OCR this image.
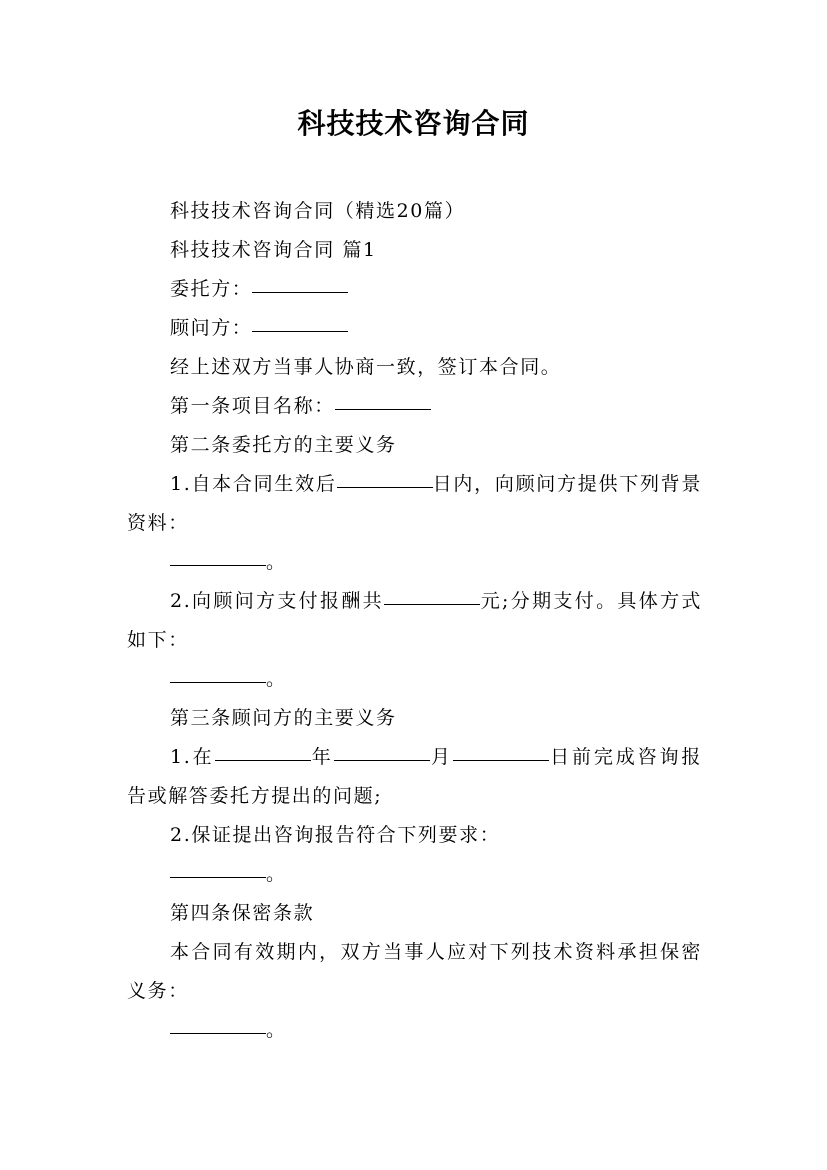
科技技术咨询合同

科技技术咨询合同（精选20篇）

科技技术咨询合同 篇1

委托方：

顾问方：

经上述双方当事人协商一致，签订本合同。

第一条项目名称：

第二条委托方的主要义务

1.自本合同生效后	日内，向顾问方提供下列背景资料：

。

2.向顾问方支付报酬共	元;分期支付。具体方式如下：

。

第三条顾问方的主要义务

1.在	年	月	日前完成咨询报告或解答委托方提出的问题;

2.保证提出咨询报告符合下列要求：

。

第四条保密条款

本合同有效期内，双方当事人应对下列技术资料承担保密义务：

。
